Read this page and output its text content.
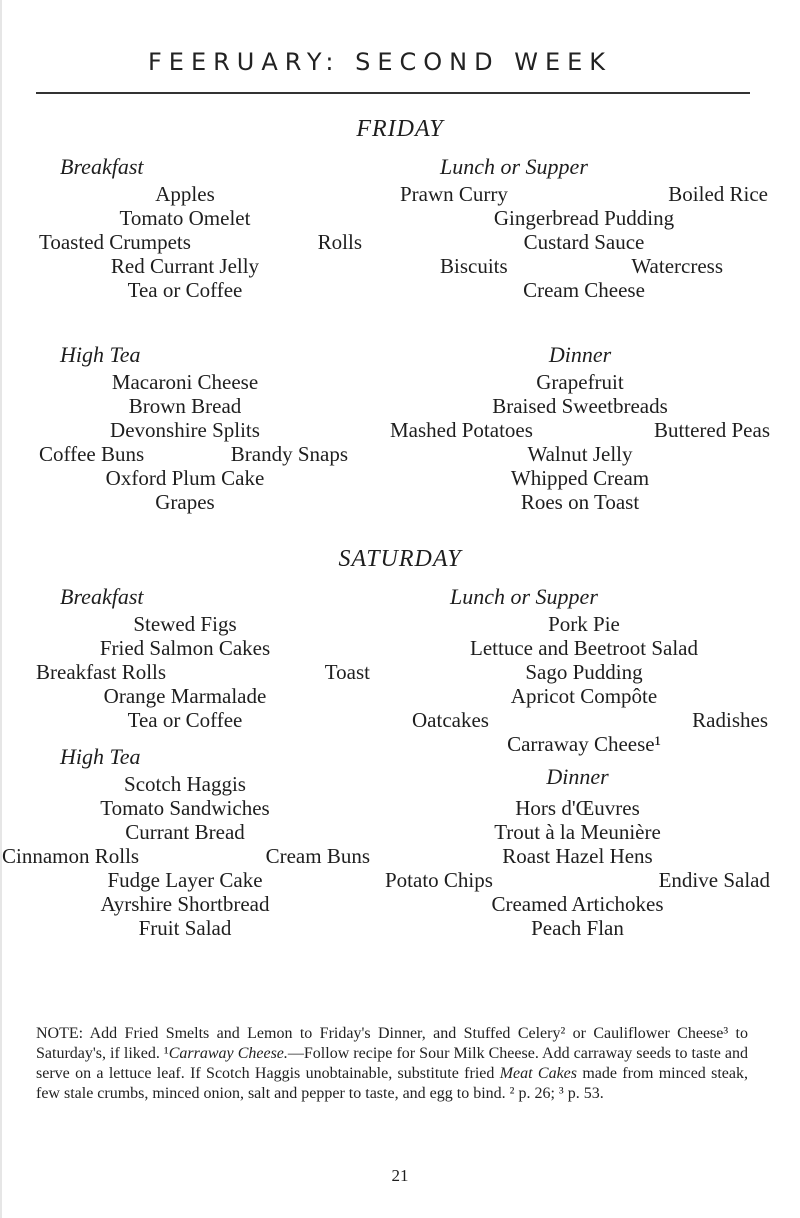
FEERUARY: SECOND WEEK
FRIDAY
Breakfast
Apples
Tomato Omelet
Toasted Crumpets	Rolls
Red Currant Jelly
Tea or Coffee
Lunch or Supper
Prawn Curry	Boiled Rice
Gingerbread Pudding
Custard Sauce
Biscuits	Watercress
Cream Cheese
High Tea
Macaroni Cheese
Brown Bread
Devonshire Splits
Coffee Buns	Brandy Snaps
Oxford Plum Cake
Grapes
Dinner
Grapefruit
Braised Sweetbreads
Mashed Potatoes	Buttered Peas
Walnut Jelly
Whipped Cream
Roes on Toast
SATURDAY
Breakfast
Stewed Figs
Fried Salmon Cakes
Breakfast Rolls	Toast
Orange Marmalade
Tea or Coffee
Lunch or Supper
Pork Pie
Lettuce and Beetroot Salad
Sago Pudding
Apricot Compôte
Oatcakes	Radishes
Carraway Cheese¹
High Tea
Scotch Haggis
Tomato Sandwiches
Currant Bread
Cinnamon Rolls	Cream Buns
Fudge Layer Cake
Ayrshire Shortbread
Fruit Salad
Dinner
Hors d'Œuvres
Trout à la Meunière
Roast Hazel Hens
Potato Chips	Endive Salad
Creamed Artichokes
Peach Flan
NOTE: Add Fried Smelts and Lemon to Friday's Dinner, and Stuffed Celery² or Cauliflower Cheese³ to Saturday's, if liked. ¹Carraway Cheese.—Follow recipe for Sour Milk Cheese. Add carraway seeds to taste and serve on a lettuce leaf. If Scotch Haggis unobtainable, substitute fried Meat Cakes made from minced steak, few stale crumbs, minced onion, salt and pepper to taste, and egg to bind. ² p. 26; ³ p. 53.
21
